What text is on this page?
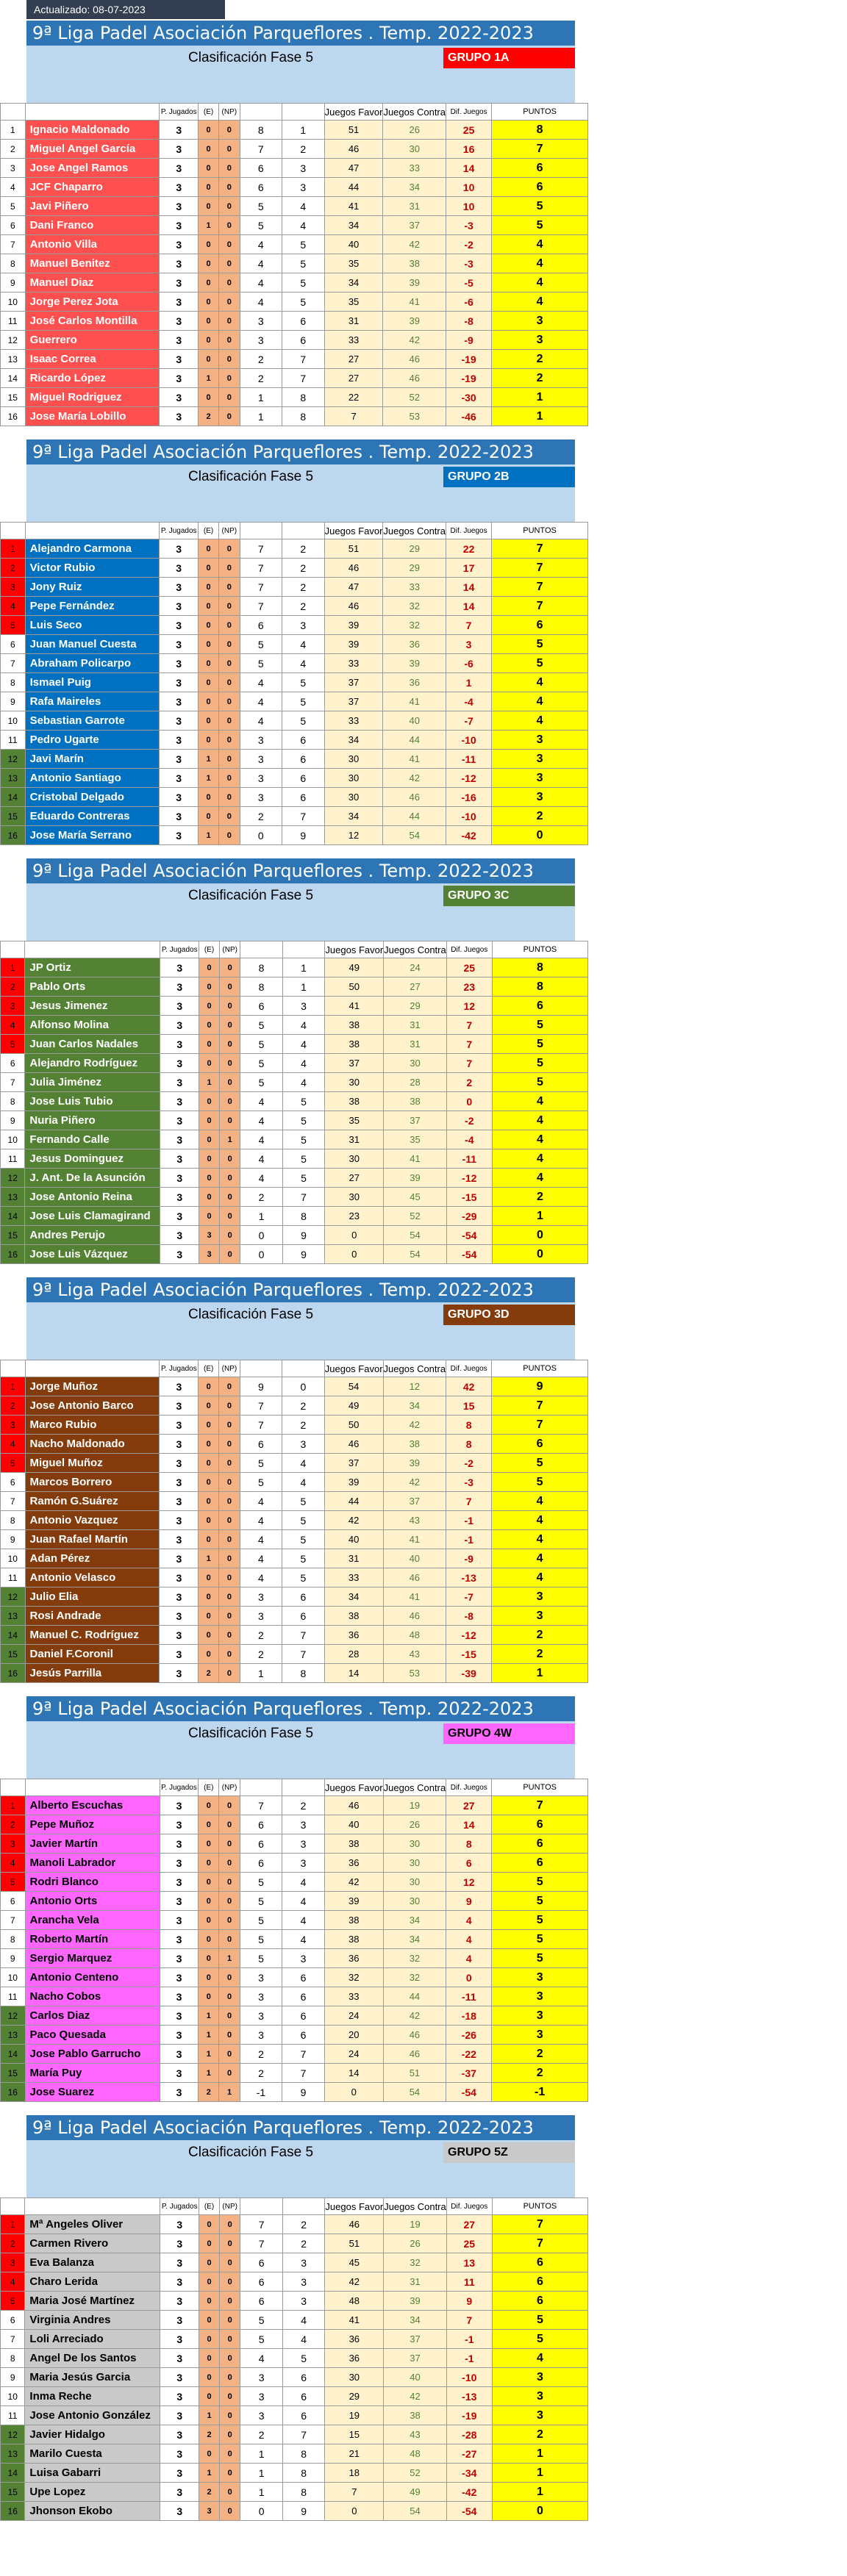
Actualizado: 08-07-2023
9ª Liga Padel Asociación Parqueflores . Temp. 2022-2023
Clasificación Fase 5	GRUPO 1A
	Jugador	P. Jugados	(E)	(NP)	Sets Favor	Sets Contra	Juegos Favor	Juegos Contra	Dif. Juegos	PUNTOS
1	Ignacio Maldonado	3	0	0	8	1	51	26	25	8
2	Miguel Angel García	3	0	0	7	2	46	30	16	7
3	Jose Angel Ramos	3	0	0	6	3	47	33	14	6
4	JCF Chaparro	3	0	0	6	3	44	34	10	6
5	Javi Piñero	3	0	0	5	4	41	31	10	5
6	Dani Franco	3	1	0	5	4	34	37	-3	5
7	Antonio Villa	3	0	0	4	5	40	42	-2	4
8	Manuel Benitez	3	0	0	4	5	35	38	-3	4
9	Manuel Diaz	3	0	0	4	5	34	39	-5	4
10	Jorge Perez Jota	3	0	0	4	5	35	41	-6	4
11	José Carlos Montilla	3	0	0	3	6	31	39	-8	3
12	Guerrero	3	0	0	3	6	33	42	-9	3
13	Isaac Correa	3	0	0	2	7	27	46	-19	2
14	Ricardo López	3	1	0	2	7	27	46	-19	2
15	Miguel Rodriguez	3	0	0	1	8	22	52	-30	1
16	Jose María Lobillo	3	2	0	1	8	7	53	-46	1
9ª Liga Padel Asociación Parqueflores . Temp. 2022-2023
Clasificación Fase 5	GRUPO 2B
	Jugador	P. Jugados	(E)	(NP)	Sets Favor	Sets Contra	Juegos Favor	Juegos Contra	Dif. Juegos	PUNTOS
1	Alejandro Carmona	3	0	0	7	2	51	29	22	7
2	Victor Rubio	3	0	0	7	2	46	29	17	7
3	Jony Ruiz	3	0	0	7	2	47	33	14	7
4	Pepe Fernández	3	0	0	7	2	46	32	14	7
5	Luis Seco	3	0	0	6	3	39	32	7	6
6	Juan Manuel Cuesta	3	0	0	5	4	39	36	3	5
7	Abraham Policarpo	3	0	0	5	4	33	39	-6	5
8	Ismael Puig	3	0	0	4	5	37	36	1	4
9	Rafa Maireles	3	0	0	4	5	37	41	-4	4
10	Sebastian Garrote	3	0	0	4	5	33	40	-7	4
11	Pedro Ugarte	3	0	0	3	6	34	44	-10	3
12	Javi Marín	3	1	0	3	6	30	41	-11	3
13	Antonio Santiago	3	1	0	3	6	30	42	-12	3
14	Cristobal Delgado	3	0	0	3	6	30	46	-16	3
15	Eduardo Contreras	3	0	0	2	7	34	44	-10	2
16	Jose María Serrano	3	1	0	0	9	12	54	-42	0
9ª Liga Padel Asociación Parqueflores . Temp. 2022-2023
Clasificación Fase 5	GRUPO 3C
	Jugador	P. Jugados	(E)	(NP)	Sets Favor	Sets Contra	Juegos Favor	Juegos Contra	Dif. Juegos	PUNTOS
1	JP Ortiz	3	0	0	8	1	49	24	25	8
2	Pablo Orts	3	0	0	8	1	50	27	23	8
3	Jesus Jimenez	3	0	0	6	3	41	29	12	6
4	Alfonso Molina	3	0	0	5	4	38	31	7	5
5	Juan Carlos Nadales	3	0	0	5	4	38	31	7	5
6	Alejandro Rodríguez	3	0	0	5	4	37	30	7	5
7	Julia Jiménez	3	1	0	5	4	30	28	2	5
8	Jose Luis Tubio	3	0	0	4	5	38	38	0	4
9	Nuria Piñero	3	0	0	4	5	35	37	-2	4
10	Fernando Calle	3	0	1	4	5	31	35	-4	4
11	Jesus Dominguez	3	0	0	4	5	30	41	-11	4
12	J. Ant. De la Asunción	3	0	0	4	5	27	39	-12	4
13	Jose Antonio Reina	3	0	0	2	7	30	45	-15	2
14	Jose Luis Clamagirand	3	0	0	1	8	23	52	-29	1
15	Andres Perujo	3	3	0	0	9	0	54	-54	0
16	Jose Luis Vázquez	3	3	0	0	9	0	54	-54	0
9ª Liga Padel Asociación Parqueflores . Temp. 2022-2023
Clasificación Fase 5	GRUPO 3D
	Jugador	P. Jugados	(E)	(NP)	Sets Favor	Sets Contra	Juegos Favor	Juegos Contra	Dif. Juegos	PUNTOS
1	Jorge Muñoz	3	0	0	9	0	54	12	42	9
2	Jose Antonio Barco	3	0	0	7	2	49	34	15	7
3	Marco Rubio	3	0	0	7	2	50	42	8	7
4	Nacho Maldonado	3	0	0	6	3	46	38	8	6
5	Miguel Muñoz	3	0	0	5	4	37	39	-2	5
6	Marcos Borrero	3	0	0	5	4	39	42	-3	5
7	Ramón G.Suárez	3	0	0	4	5	44	37	7	4
8	Antonio Vazquez	3	0	0	4	5	42	43	-1	4
9	Juan Rafael Martín	3	0	0	4	5	40	41	-1	4
10	Adan Pérez	3	1	0	4	5	31	40	-9	4
11	Antonio Velasco	3	0	0	4	5	33	46	-13	4
12	Julio Elia	3	0	0	3	6	34	41	-7	3
13	Rosi Andrade	3	0	0	3	6	38	46	-8	3
14	Manuel C. Rodríguez	3	0	0	2	7	36	48	-12	2
15	Daniel F.Coronil	3	0	0	2	7	28	43	-15	2
16	Jesús Parrilla	3	2	0	1	8	14	53	-39	1
9ª Liga Padel Asociación Parqueflores . Temp. 2022-2023
Clasificación Fase 5	GRUPO 4W
	Jugador	P. Jugados	(E)	(NP)	Sets Favor	Sets Contra	Juegos Favor	Juegos Contra	Dif. Juegos	PUNTOS
1	Alberto Escuchas	3	0	0	7	2	46	19	27	7
2	Pepe Muñoz	3	0	0	6	3	40	26	14	6
3	Javier Martín	3	0	0	6	3	38	30	8	6
4	Manoli Labrador	3	0	0	6	3	36	30	6	6
5	Rodri Blanco	3	0	0	5	4	42	30	12	5
6	Antonio Orts	3	0	0	5	4	39	30	9	5
7	Arancha Vela	3	0	0	5	4	38	34	4	5
8	Roberto Martín	3	0	0	5	4	38	34	4	5
9	Sergio Marquez	3	0	1	5	3	36	32	4	5
10	Antonio Centeno	3	0	0	3	6	32	32	0	3
11	Nacho Cobos	3	0	0	3	6	33	44	-11	3
12	Carlos Diaz	3	1	0	3	6	24	42	-18	3
13	Paco Quesada	3	1	0	3	6	20	46	-26	3
14	Jose Pablo Garrucho	3	1	0	2	7	24	46	-22	2
15	María Puy	3	1	0	2	7	14	51	-37	2
16	Jose Suarez	3	2	1	-1	9	0	54	-54	-1
9ª Liga Padel Asociación Parqueflores . Temp. 2022-2023
Clasificación Fase 5	GRUPO 5Z
	Jugador	P. Jugados	(E)	(NP)	Sets Favor	Sets Contra	Juegos Favor	Juegos Contra	Dif. Juegos	PUNTOS
1	Mª Angeles Oliver	3	0	0	7	2	46	19	27	7
2	Carmen Rivero	3	0	0	7	2	51	26	25	7
3	Eva Balanza	3	0	0	6	3	45	32	13	6
4	Charo Lerida	3	0	0	6	3	42	31	11	6
5	Maria José Martínez	3	0	0	6	3	48	39	9	6
6	Virginia Andres	3	0	0	5	4	41	34	7	5
7	Loli Arreciado	3	0	0	5	4	36	37	-1	5
8	Angel De los Santos	3	0	0	4	5	36	37	-1	4
9	Maria Jesús Garcia	3	0	0	3	6	30	40	-10	3
10	Inma Reche	3	0	0	3	6	29	42	-13	3
11	Jose Antonio González	3	1	0	3	6	19	38	-19	3
12	Javier Hidalgo	3	2	0	2	7	15	43	-28	2
13	Marilo Cuesta	3	0	0	1	8	21	48	-27	1
14	Luisa Gabarri	3	1	0	1	8	18	52	-34	1
15	Upe Lopez	3	2	0	1	8	7	49	-42	1
16	Jhonson Ekobo	3	3	0	0	9	0	54	-54	0
